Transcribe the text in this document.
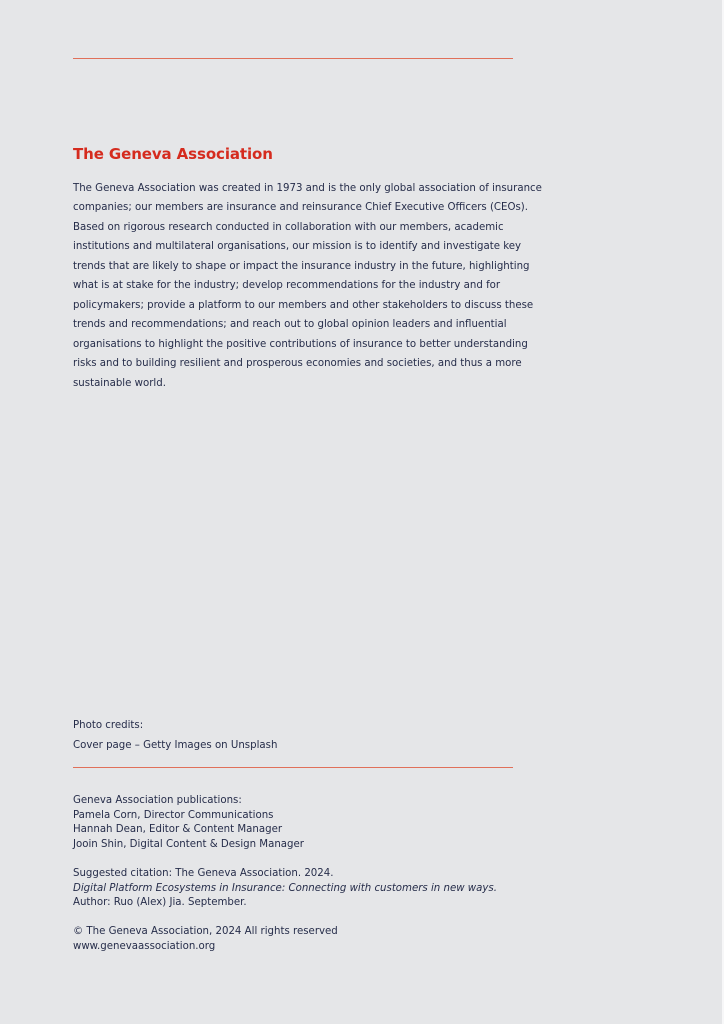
The Geneva Association
The Geneva Association was created in 1973 and is the only global association of insurance
companies; our members are insurance and reinsurance Chief Executive Officers (CEOs).
Based on rigorous research conducted in collaboration with our members, academic
institutions and multilateral organisations, our mission is to identify and investigate key
trends that are likely to shape or impact the insurance industry in the future, highlighting
what is at stake for the industry; develop recommendations for the industry and for
policymakers; provide a platform to our members and other stakeholders to discuss these
trends and recommendations; and reach out to global opinion leaders and influential
organisations to highlight the positive contributions of insurance to better understanding
risks and to building resilient and prosperous economies and societies, and thus a more
sustainable world.
Photo credits:
Cover page – Getty Images on Unsplash
Geneva Association publications:
Pamela Corn, Director Communications
Hannah Dean, Editor & Content Manager
Jooin Shin, Digital Content & Design Manager
Suggested citation: The Geneva Association. 2024.
Digital Platform Ecosystems in Insurance: Connecting with customers in new ways.
Author: Ruo (Alex) Jia. September.
© The Geneva Association, 2024 All rights reserved
www.genevaassociation.org
